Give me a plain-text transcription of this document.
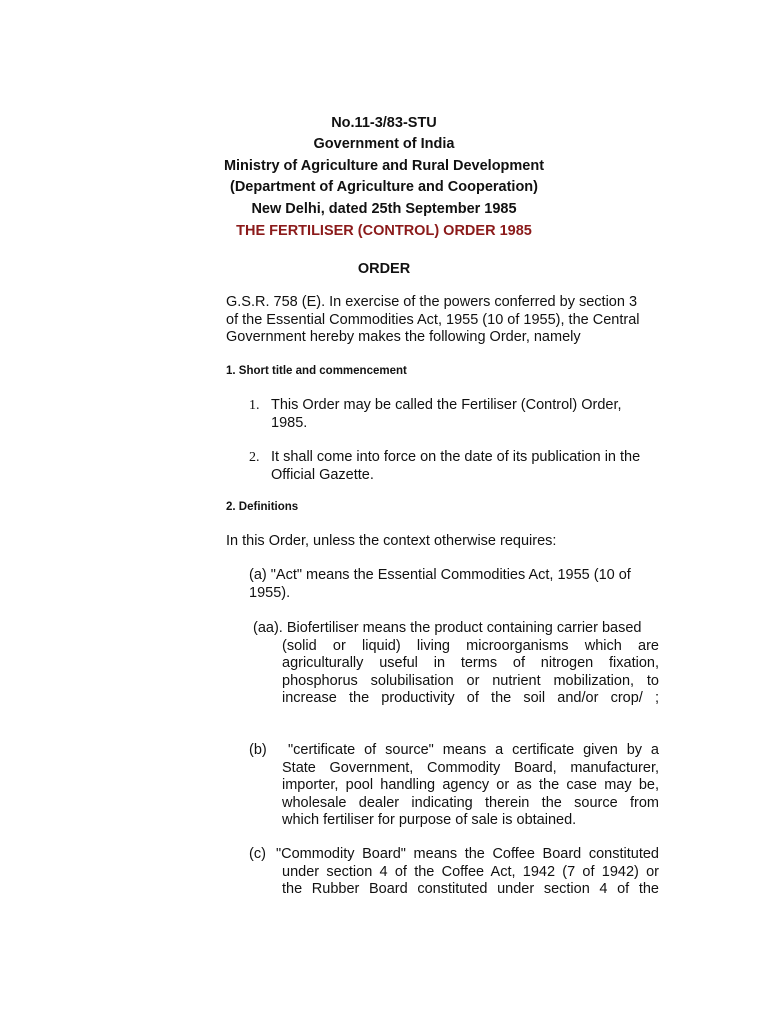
No.11-3/83-STU
Government of India
Ministry of Agriculture and Rural Development
(Department of Agriculture and Cooperation)
New Delhi, dated 25th September 1985
THE FERTILISER (CONTROL) ORDER 1985
ORDER
G.S.R. 758 (E). In exercise of the powers conferred by section 3
of the Essential Commodities Act, 1955 (10 of 1955), the Central
Government hereby makes the following Order, namely
1. Short title and commencement
1. This Order may be called the Fertiliser (Control) Order,
1985.
2. It shall come into force on the date of its publication in the
Official Gazette.
2. Definitions
In this Order, unless the context otherwise requires:
(a) "Act" means the Essential Commodities Act, 1955 (10 of
1955).
(aa). Biofertiliser means the product containing carrier based
(solid or liquid) living microorganisms which are
agriculturally useful in terms of nitrogen fixation,
phosphorus solubilisation or nutrient mobilization, to
increase the productivity of the soil and/or crop/ ;
(b) "certificate of source" means a certificate given by a
State Government, Commodity Board, manufacturer,
importer, pool handling agency or as the case may be,
wholesale dealer indicating therein the source from
which fertiliser for purpose of sale is obtained.
(c) "Commodity Board" means the Coffee Board constituted
under section 4 of the Coffee Act, 1942 (7 of 1942) or
the Rubber Board constituted under section 4 of the
